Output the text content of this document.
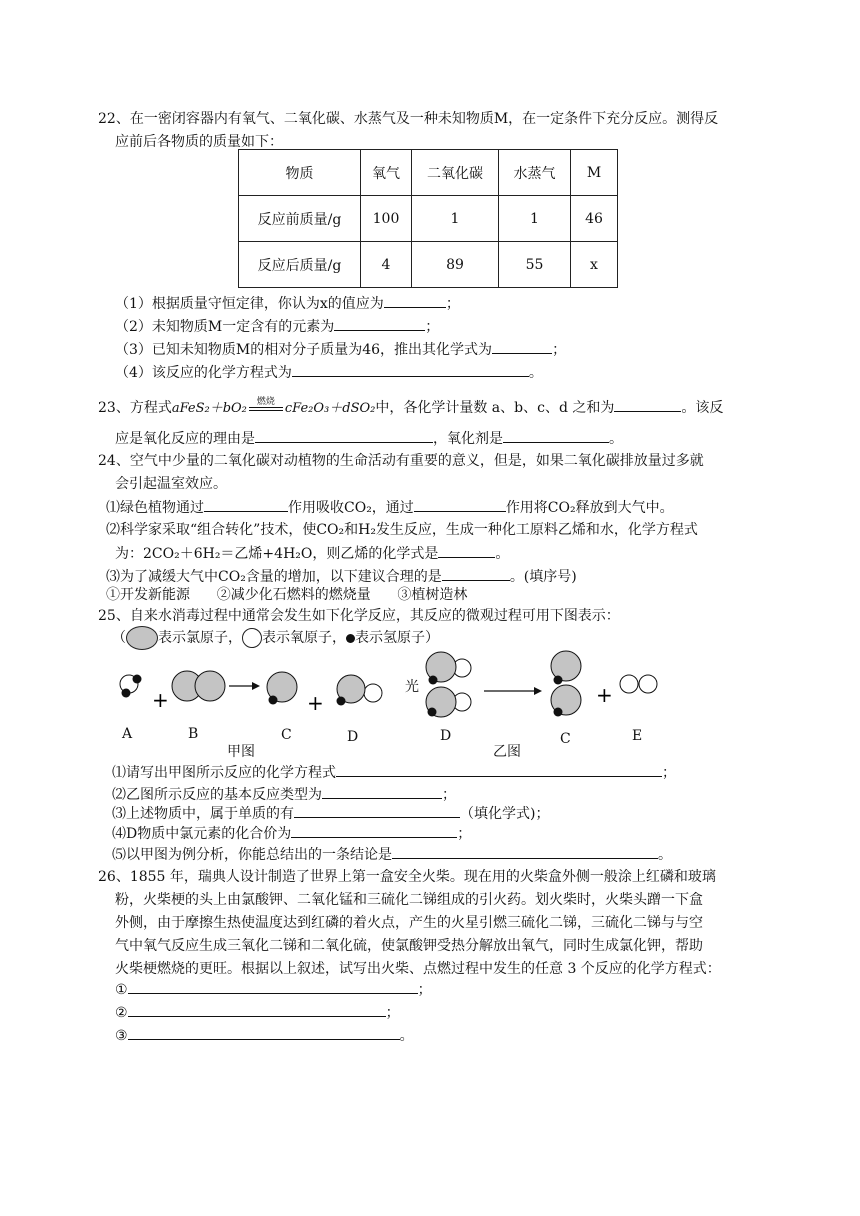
22、在一密闭容器内有氧气、二氧化碳、水蒸气及一种未知物质M，在一定条件下充分反应。测得反
应前后各物质的质量如下：
物质	氧气	二氧化碳	水蒸气	M
反应前质量/g	100	1	1	46
反应后质量/g	4	89	55	x
（1）根据质量守恒定律，你认为x的值应为	；
（2）未知物质M一定含有的元素为	；
（3）已知未知物质M的相对分子质量为46，推出其化学式为	；
（4）该反应的化学方程式为	。
23、方程式aFeS₂＋bO₂ 燃烧 cFe₂O₃＋dSO₂中，各化学计量数 a、b、c、d 之和为	。该反
应是氧化反应的理由是	，氧化剂是	。
24、空气中少量的二氧化碳对动植物的生命活动有重要的意义，但是，如果二氧化碳排放量过多就
会引起温室效应。
⑴绿色植物通过	作用吸收CO₂，通过	作用将CO₂释放到大气中。
⑵科学家采取“组合转化”技术，使CO₂和H₂发生反应，生成一种化工原料乙烯和水，化学方程式
为：2CO₂＋6H₂＝乙烯+4H₂O，则乙烯的化学式是	。
⑶为了减缓大气中CO₂含量的增加，以下建议合理的是	。(填序号)
①开发新能源      ②减少化石燃料的燃烧量      ③植树造林
25、自来水消毒过程中通常会发生如下化学反应，其反应的微观过程可用下图表示：
（ 表示氯原子， 表示氧原子， 表示氢原子）
+	+	+
光
A	B	C	D
甲图
D	C	E
乙图
⑴请写出甲图所示反应的化学方程式	；
⑵乙图所示反应的基本反应类型为	；
⑶上述物质中，属于单质的有	（填化学式)；
⑷D物质中氯元素的化合价为	；
⑸以甲图为例分析，你能总结出的一条结论是	。
26、1855 年，瑞典人设计制造了世界上第一盒安全火柴。现在用的火柴盒外侧一般涂上红磷和玻璃
粉，火柴梗的头上由氯酸钾、二氧化锰和三硫化二锑组成的引火药。划火柴时，火柴头蹭一下盒
外侧，由于摩擦生热使温度达到红磷的着火点，产生的火星引燃三硫化二锑，三硫化二锑与与空
气中氧气反应生成三氧化二锑和二氧化硫，使氯酸钾受热分解放出氧气，同时生成氯化钾，帮助
火柴梗燃烧的更旺。根据以上叙述，试写出火柴、点燃过程中发生的任意 3 个反应的化学方程式：
①	；
②	；
③	。
